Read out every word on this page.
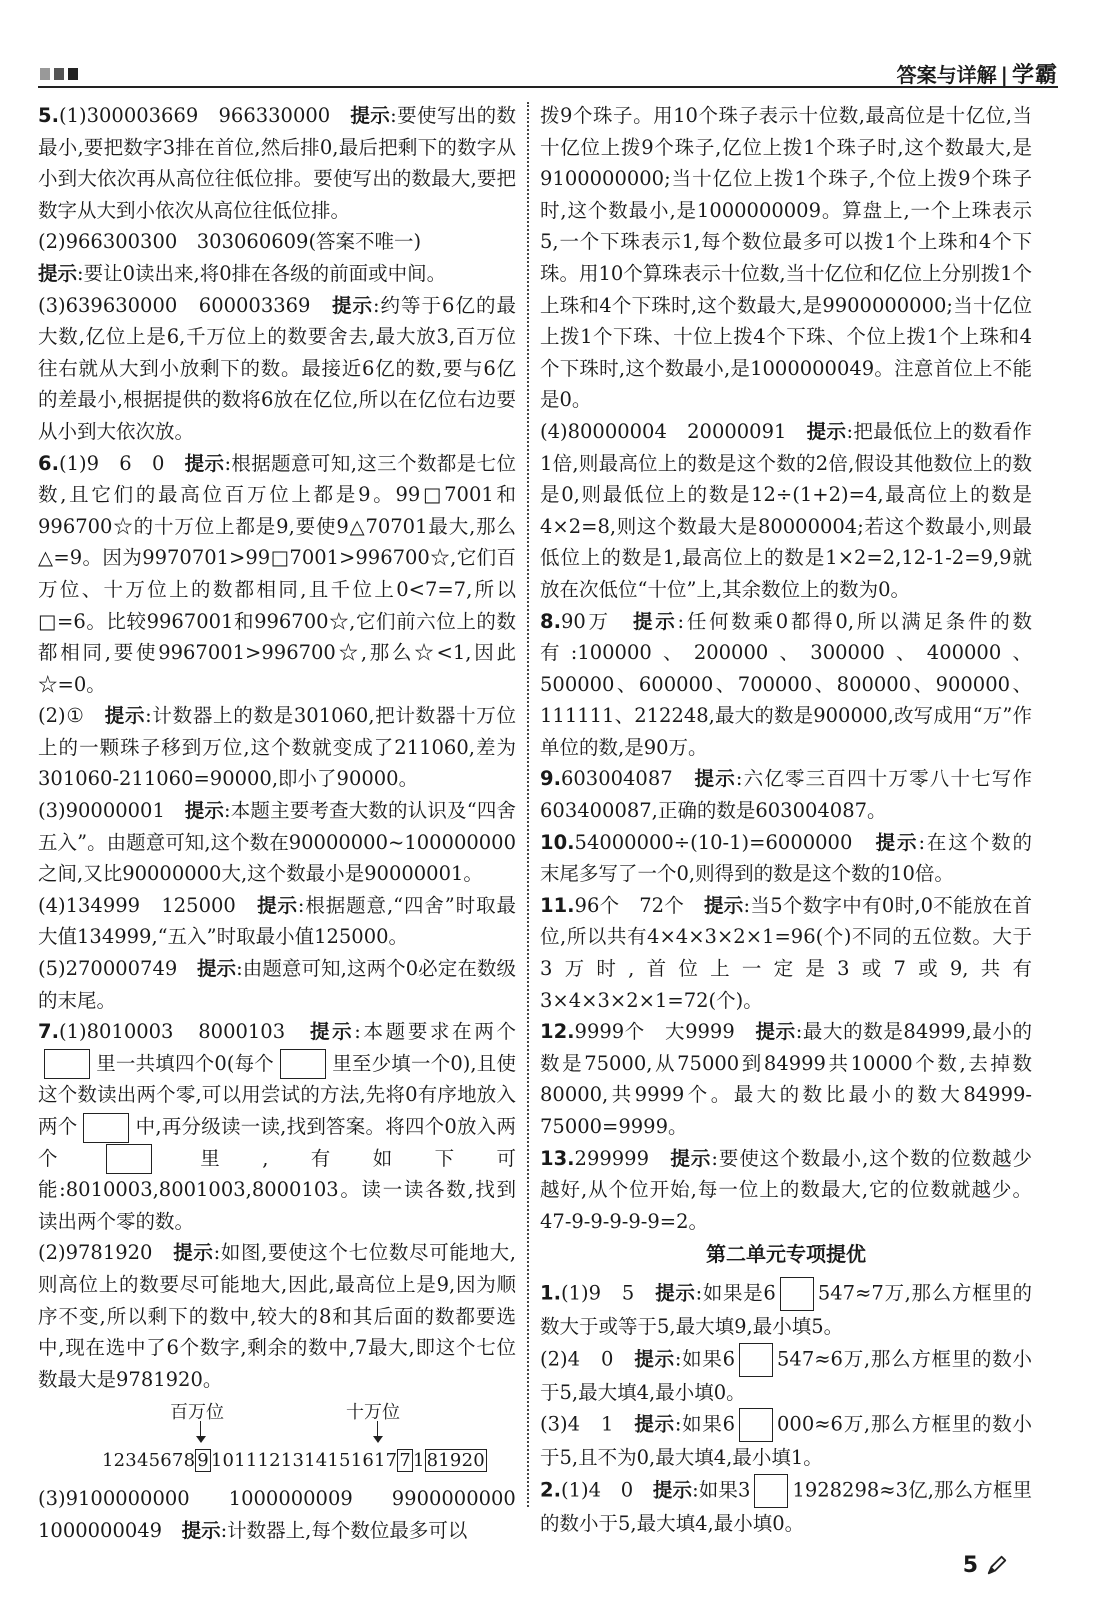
答案与详解 | 学霸

5.(1)300003669　966330000　提示:要使写出的数最小,要把数字3排在首位,然后排0,最后把剩下的数字从小到大依次再从高位往低位排。要使写出的数最大,要把数字从大到小依次从高位往低位排。

(2)966300300　303060609(答案不唯一)

提示:要让0读出来,将0排在各级的前面或中间。

(3)639630000　600003369　提示:约等于6亿的最大数,亿位上是6,千万位上的数要舍去,最大放3,百万位往右就从大到小放剩下的数。最接近6亿的数,要与6亿的差最小,根据提供的数将6放在亿位,所以在亿位右边要从小到大依次放。

6.(1)9　6　0　提示:根据题意可知,这三个数都是七位数,且它们的最高位百万位上都是9。99□7001和996700☆的十万位上都是9,要使9△70701最大,那么△=9。因为9970701>99□7001>996700☆,它们百万位、十万位上的数都相同,且千位上0<7=7,所以□=6。比较9967001和996700☆,它们前六位上的数都相同,要使9967001>996700☆,那么☆<1,因此☆=0。

(2)①　提示:计数器上的数是301060,把计数器十万位上的一颗珠子移到万位,这个数就变成了211060,差为301060-211060=90000,即小了90000。

(3)90000001　提示:本题主要考查大数的认识及“四舍五入”。由题意可知,这个数在90000000~100000000之间,又比90000000大,这个数最小是90000001。

(4)134999　125000　提示:根据题意,“四舍”时取最大值134999,“五入”时取最小值125000。

(5)270000749　提示:由题意可知,这两个0必定在数级的末尾。

7.(1)8010003　8000103　提示:本题要求在两个里一共填四个0(每个	里至少填一个0),且使这个数读出两个零,可以用尝试的方法,先将0有序地放入两个	中,再分级读一读,找到答案。将四个0放入两个	里,有如下可能:8010003,8001003,8000103。读一读各数,找到读出两个零的数。

(2)9781920　提示:如图,要使这个七位数尽可能地大,则高位上的数要尽可能地大,因此,最高位上是9,因为顺序不变,所以剩下的数中,较大的8和其后面的数都要选中,现在选中了6个数字,剩余的数中,7最大,即这个七位数最大是9781920。

百万位	十万位
12345678 9 1011121314151617 7 1 81920

(3)9100000000　　1000000009　　9900000000

1000000049　提示:计数器上,每个数位最多可以

拨9个珠子。用10个珠子表示十位数,最高位是十亿位,当十亿位上拨9个珠子,亿位上拨1个珠子时,这个数最大,是9100000000;当十亿位上拨1个珠子,个位上拨9个珠子时,这个数最小,是1000000009。算盘上,一个上珠表示5,一个下珠表示1,每个数位最多可以拨1个上珠和4个下珠。用10个算珠表示十位数,当十亿位和亿位上分别拨1个上珠和4个下珠时,这个数最大,是9900000000;当十亿位上拨1个下珠、十位上拨4个下珠、个位上拨1个上珠和4个下珠时,这个数最小,是1000000049。注意首位上不能是0。

(4)80000004　20000091　提示:把最低位上的数看作1倍,则最高位上的数是这个数的2倍,假设其他数位上的数是0,则最低位上的数是12÷(1+2)=4,最高位上的数是4×2=8,则这个数最大是80000004;若这个数最小,则最低位上的数是1,最高位上的数是1×2=2,12-1-2=9,9就放在次低位“十位”上,其余数位上的数为0。

8.90万　提示:任何数乘0都得0,所以满足条件的数有:100000、200000、300000、400000、500000、600000、700000、800000、900000、111111、212248,最大的数是900000,改写成用“万”作单位的数,是90万。

9.603004087　提示:六亿零三百四十万零八十七写作603400087,正确的数是603004087。

10.54000000÷(10-1)=6000000　提示:在这个数的末尾多写了一个0,则得到的数是这个数的10倍。

11.96个　72个　提示:当5个数字中有0时,0不能放在首位,所以共有4×4×3×2×1=96(个)不同的五位数。大于3万时,首位上一定是3或7或9,共有3×4×3×2×1=72(个)。

12.9999个　大9999　提示:最大的数是84999,最小的数是75000,从75000到84999共10000个数,去掉数80000,共9999个。最大的数比最小的数大84999-75000=9999。

13.299999　提示:要使这个数最小,这个数的位数越少越好,从个位开始,每一位上的数最大,它的位数就越少。47-9-9-9-9-9=2。

第二单元专项提优

1.(1)9　5　提示:如果是6 547≈7万,那么方框里的数大于或等于5,最大填9,最小填5。

(2)4　0　提示:如果6 547≈6万,那么方框里的数小于5,最大填4,最小填0。

(3)4　1　提示:如果6 000≈6万,那么方框里的数小于5,且不为0,最大填4,最小填1。

2.(1)4　0　提示:如果3 1928298≈3亿,那么方框里的数小于5,最大填4,最小填0。

5
